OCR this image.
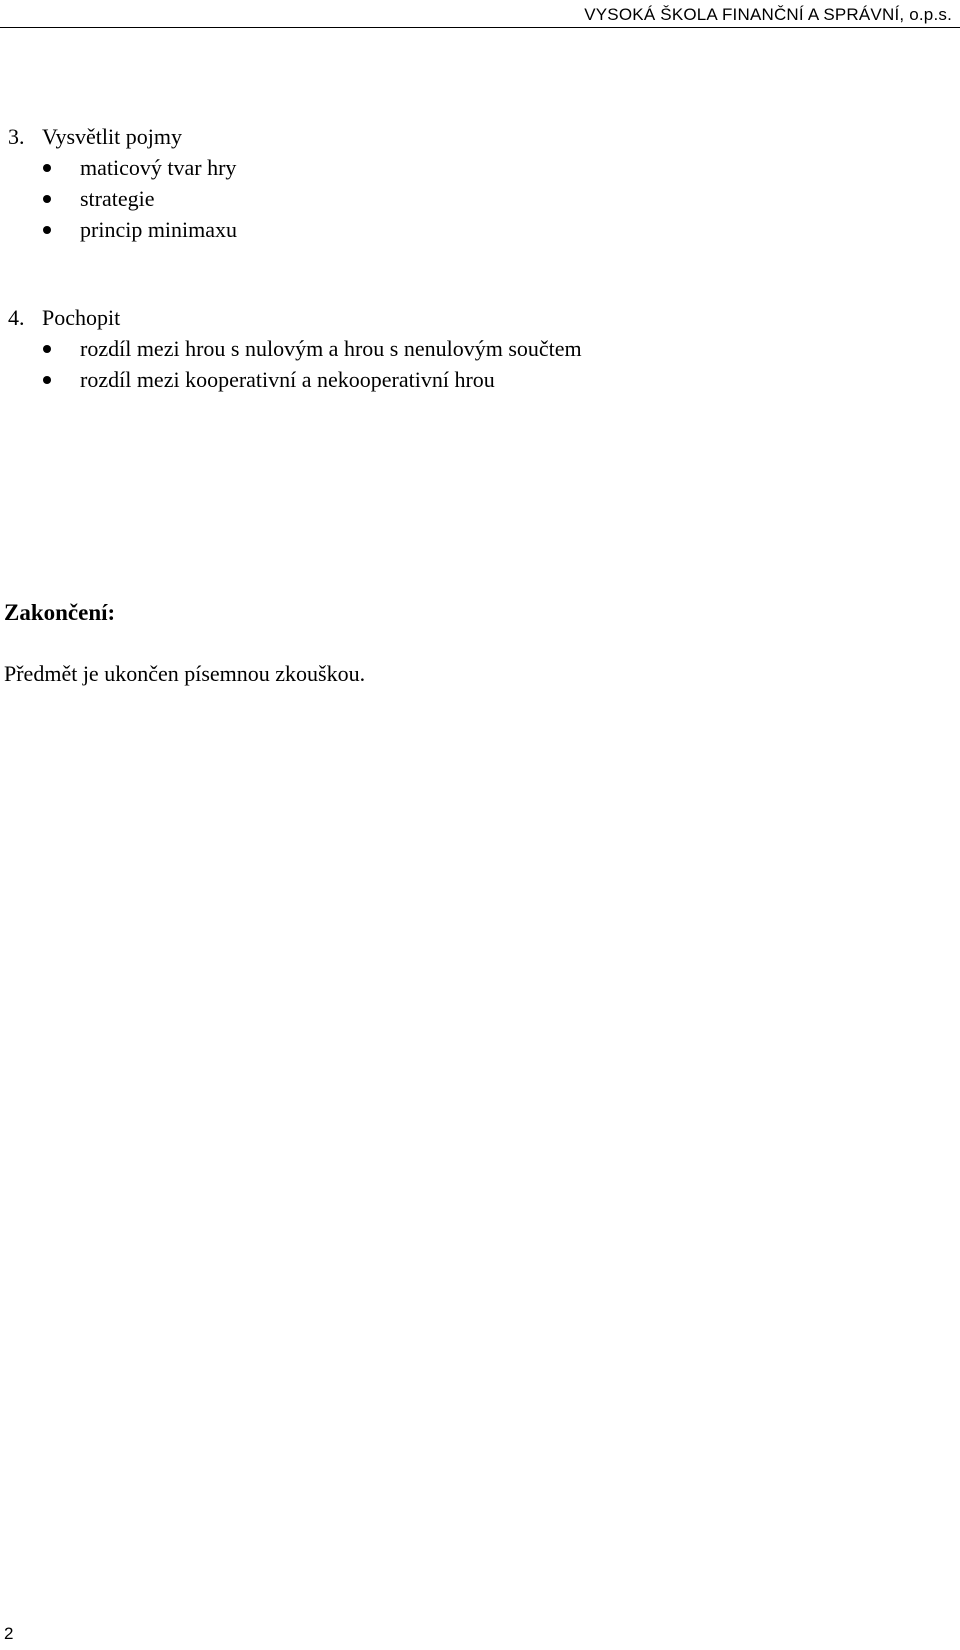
VYSOKÁ ŠKOLA FINANČNÍ A SPRÁVNÍ, o.p.s.
3. Vysvětlit pojmy
maticový tvar hry
strategie
princip minimaxu
4. Pochopit
rozdíl mezi hrou s nulovým a hrou s nenulovým součtem
rozdíl mezi kooperativní a nekooperativní hrou
Zakončení:
Předmět je ukončen písemnou zkouškou.
2
